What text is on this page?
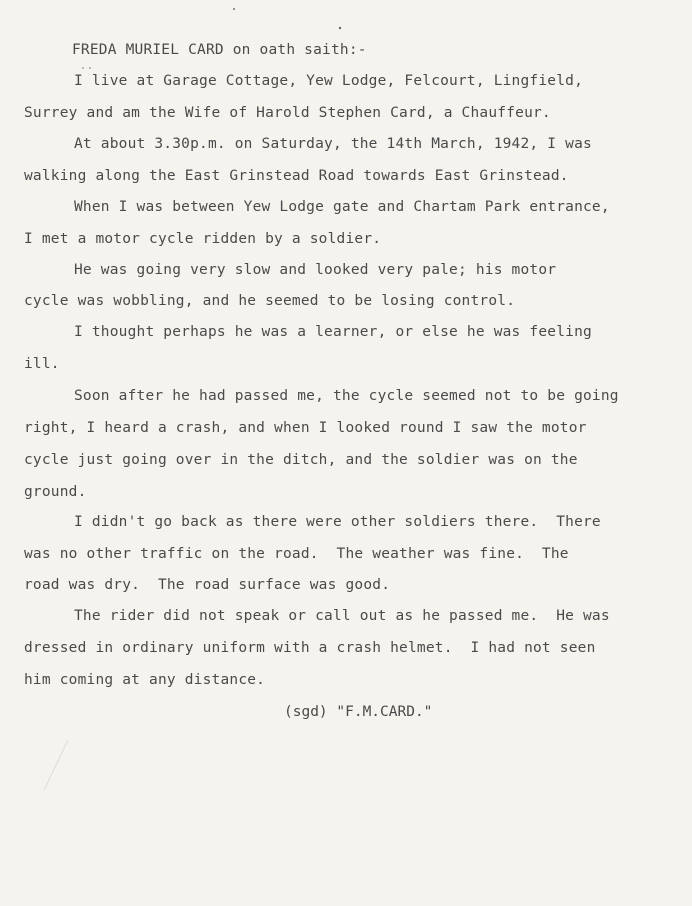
FREDA MURIEL CARD on oath saith:-

I live at Garage Cottage, Yew Lodge, Felcourt, Lingfield,

Surrey and am the Wife of Harold Stephen Card, a Chauffeur.

At about 3.30p.m. on Saturday, the 14th March, 1942, I was

walking along the East Grinstead Road towards East Grinstead.

When I was between Yew Lodge gate and Chartam Park entrance,

I met a motor cycle ridden by a soldier.

He was going very slow and looked very pale; his motor

cycle was wobbling, and he seemed to be losing control.

I thought perhaps he was a learner, or else he was feeling

ill.

Soon after he had passed me, the cycle seemed not to be going

right, I heard a crash, and when I looked round I saw the motor

cycle just going over in the ditch, and the soldier was on the

ground.

I didn't go back as there were other soldiers there.  There

was no other traffic on the road.  The weather was fine.  The

road was dry.  The road surface was good.

The rider did not speak or call out as he passed me.  He was

dressed in ordinary uniform with a crash helmet.  I had not seen

him coming at any distance.

(sgd) "F.M.CARD."
